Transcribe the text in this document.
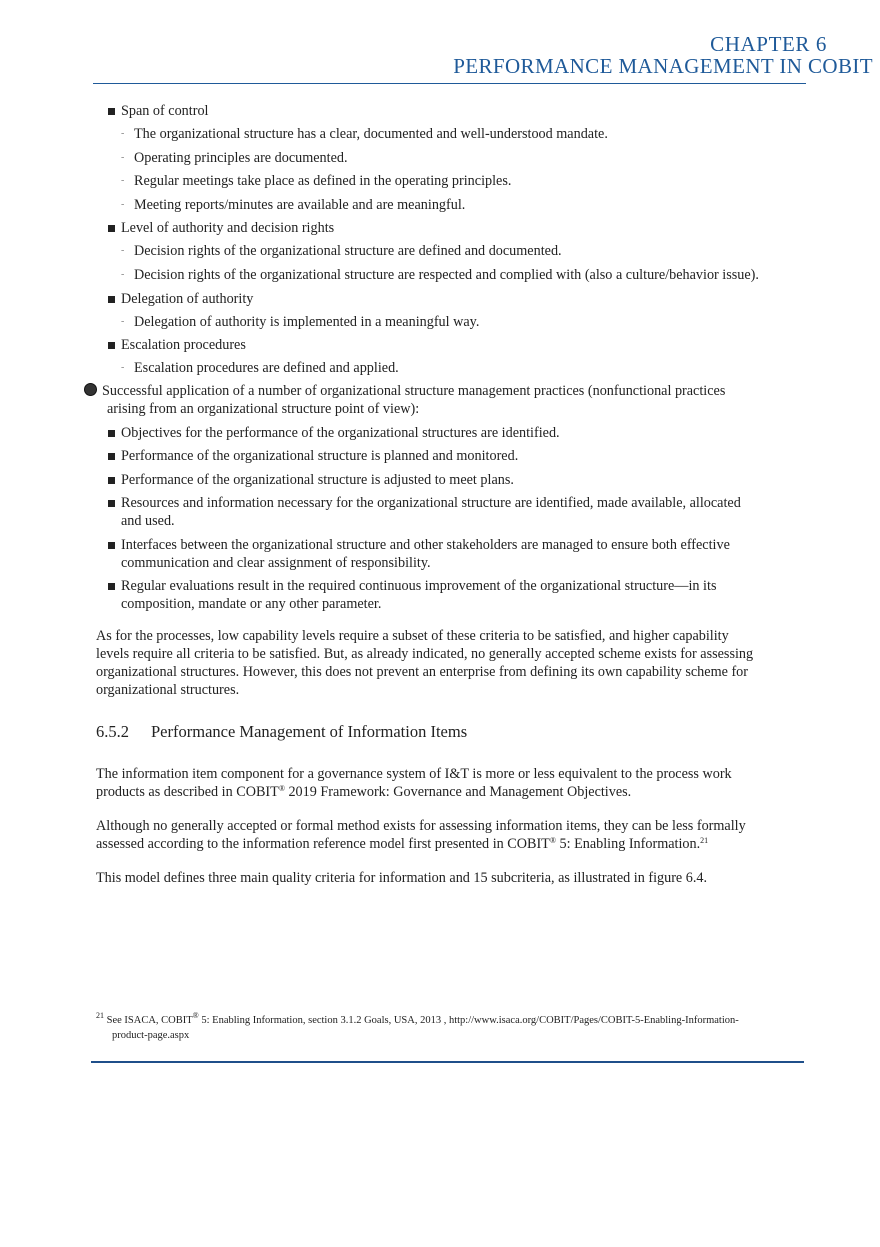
CHAPTER 6
PERFORMANCE MANAGEMENT IN COBIT
Span of control
- The organizational structure has a clear, documented and well-understood mandate.
- Operating principles are documented.
- Regular meetings take place as defined in the operating principles.
- Meeting reports/minutes are available and are meaningful.
Level of authority and decision rights
- Decision rights of the organizational structure are defined and documented.
- Decision rights of the organizational structure are respected and complied with (also a culture/behavior issue).
Delegation of authority
- Delegation of authority is implemented in a meaningful way.
Escalation procedures
- Escalation procedures are defined and applied.
Successful application of a number of organizational structure management practices (nonfunctional practices
arising from an organizational structure point of view):
Objectives for the performance of the organizational structures are identified.
Performance of the organizational structure is planned and monitored.
Performance of the organizational structure is adjusted to meet plans.
Resources and information necessary for the organizational structure are identified, made available, allocated
and used.
Interfaces between the organizational structure and other stakeholders are managed to ensure both effective
communication and clear assignment of responsibility.
Regular evaluations result in the required continuous improvement of the organizational structure—in its
composition, mandate or any other parameter.
As for the processes, low capability levels require a subset of these criteria to be satisfied, and higher capability
levels require all criteria to be satisfied. But, as already indicated, no generally accepted scheme exists for assessing
organizational structures. However, this does not prevent an enterprise from defining its own capability scheme for
organizational structures.
6.5.2 Performance Management of Information Items
The information item component for a governance system of I&T is more or less equivalent to the process work
products as described in COBIT® 2019 Framework: Governance and Management Objectives.
Although no generally accepted or formal method exists for assessing information items, they can be less formally
assessed according to the information reference model first presented in COBIT® 5: Enabling Information.$^{21}$
This model defines three main quality criteria for information and 15 subcriteria, as illustrated in figure 6.4.
$^{21}$ See ISACA, COBIT® 5: Enabling Information, section 3.1.2 Goals, USA, 2013 , http://www.isaca.org/COBIT/Pages/COBIT-5-Enabling-Information-
product-page.aspx
